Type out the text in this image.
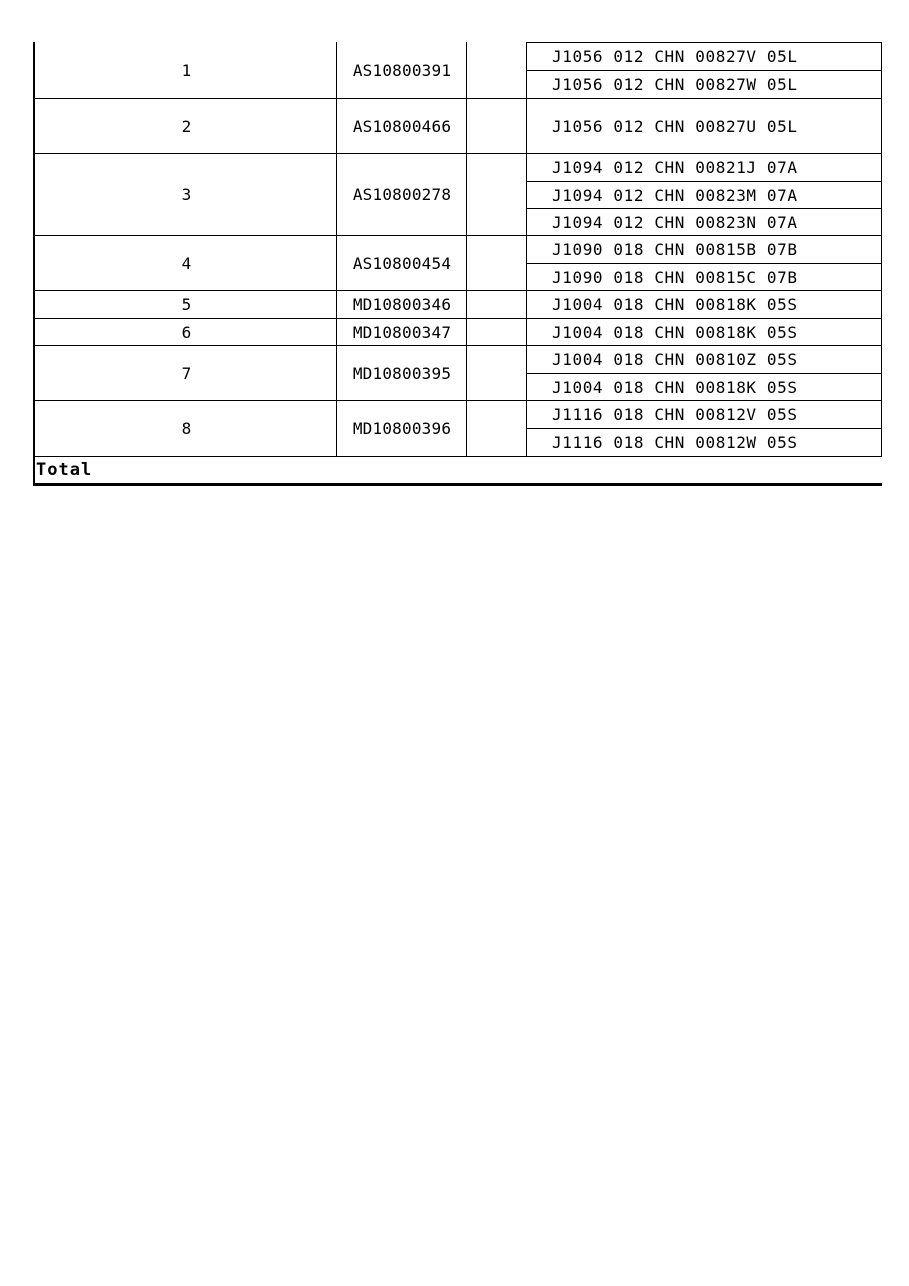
Total
1	AS10800391
J1056 012 CHN 00827V 05L
J1056 012 CHN 00827W 05L
2	AS10800466	J1056 012 CHN 00827U 05L
3	AS10800278
J1094 012 CHN 00821J 07A
J1094 012 CHN 00823M 07A
J1094 012 CHN 00823N 07A
4	AS10800454
J1090 018 CHN 00815B 07B
J1090 018 CHN 00815C 07B
5	MD10800346	J1004 018 CHN 00818K 05S
6	MD10800347	J1004 018 CHN 00818K 05S
7	MD10800395
J1004 018 CHN 00810Z 05S
J1004 018 CHN 00818K 05S
8	MD10800396
J1116 018 CHN 00812V 05S
J1116 018 CHN 00812W 05S
